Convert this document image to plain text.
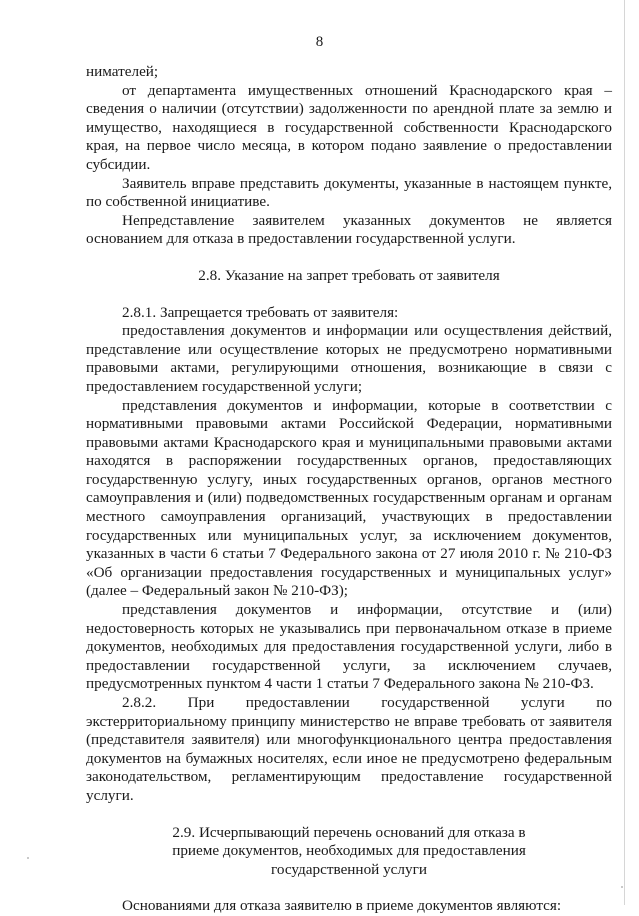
8

нимателей;

от департамента имущественных отношений Краснодарского края – сведения о наличии (отсутствии) задолженности по арендной плате за землю и имущество, находящиеся в государственной собственности Краснодарского края, на первое число месяца, в котором подано заявление о предоставлении субсидии.

Заявитель вправе представить документы, указанные в настоящем пункте, по собственной инициативе.

Непредставление заявителем указанных документов не является основанием для отказа в предоставлении государственной услуги.

2.8. Указание на запрет требовать от заявителя

2.8.1. Запрещается требовать от заявителя:

предоставления документов и информации или осуществления действий, представление или осуществление которых не предусмотрено нормативными правовыми актами, регулирующими отношения, возникающие в связи с предоставлением государственной услуги;

представления документов и информации, которые в соответствии с нормативными правовыми актами Российской Федерации, нормативными правовыми актами Краснодарского края и муниципальными правовыми актами находятся в распоряжении государственных органов, предоставляющих государственную услугу, иных государственных органов, органов местного самоуправления и (или) подведомственных государственным органам и органам местного самоуправления организаций, участвующих в предоставлении государственных или муниципальных услуг, за исключением документов, указанных в части 6 статьи 7 Федерального закона от 27 июля 2010 г. № 210-ФЗ «Об организации предоставления государственных и муниципальных услуг» (далее – Федеральный закон № 210-ФЗ);

представления документов и информации, отсутствие и (или) недостоверность которых не указывались при первоначальном отказе в приеме документов, необходимых для предоставления государственной услуги, либо в предоставлении государственной услуги, за исключением случаев, предусмотренных пунктом 4 части 1 статьи 7 Федерального закона № 210-ФЗ.

2.8.2. При предоставлении государственной услуги по экстерриториальному принципу министерство не вправе требовать от заявителя (представителя заявителя) или многофункционального центра предоставления документов на бумажных носителях, если иное не предусмотрено федеральным законодательством, регламентирующим предоставление государственной услуги.

2.9. Исчерпывающий перечень оснований для отказа в
приеме документов, необходимых для предоставления
государственной услуги

Основаниями для отказа заявителю в приеме документов являются:
